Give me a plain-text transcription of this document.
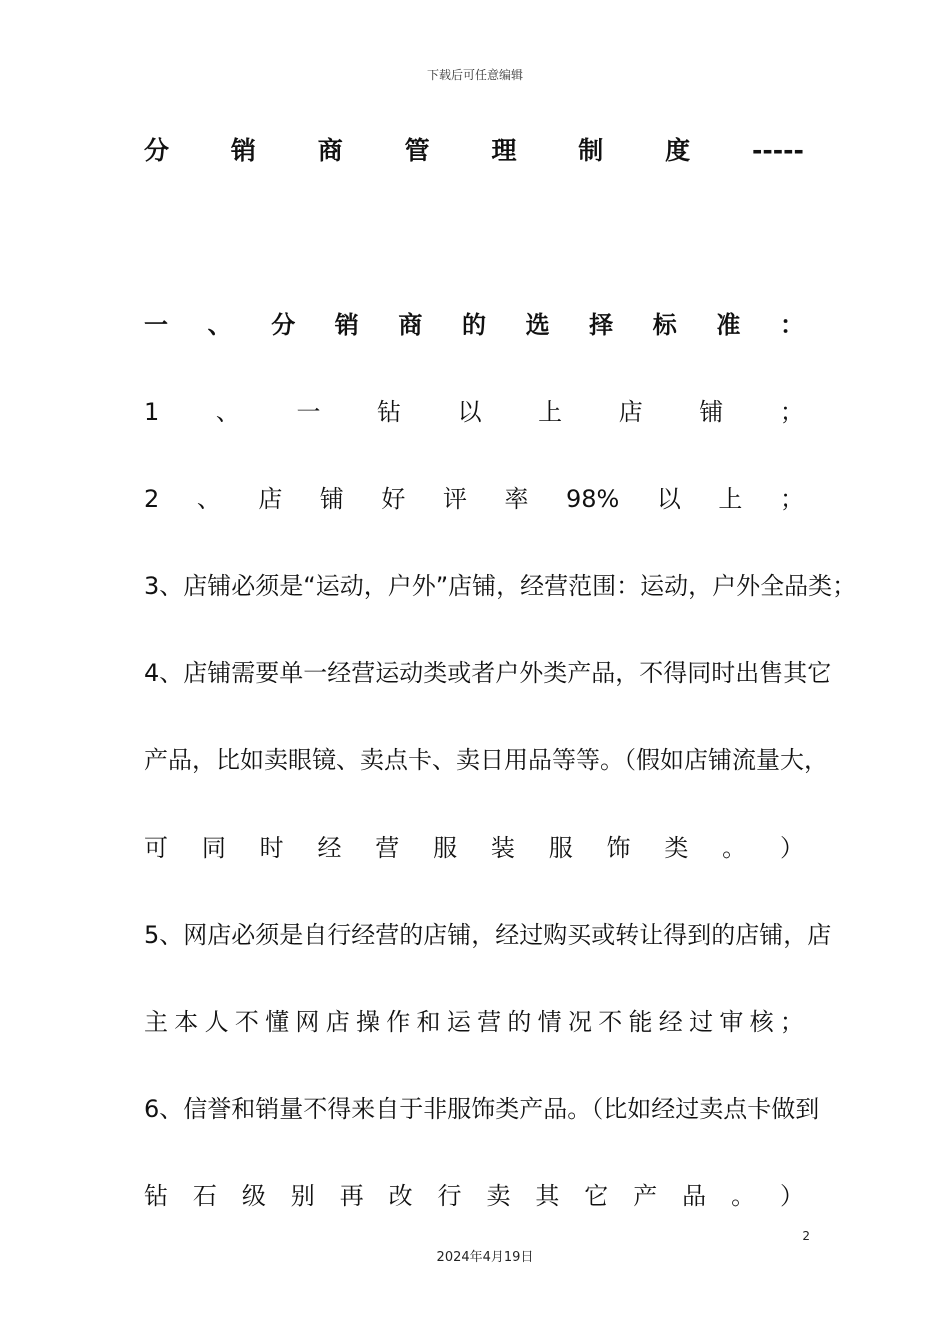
下载后可任意编辑
分 销 商 管 理 制 度 -----
一 、 分 销 商 的 选 择 标 准 ：
1 、 一 钻 以 上 店 铺 ；
2 、 店 铺 好 评 率 98% 以 上 ；
3、店铺必须是“运动，户外”店铺，经营范围：运动，户外全品类；
4、店铺需要单一经营运动类或者户外类产品，不得同时出售其它
产品，比如卖眼镜、卖点卡、卖日用品等等。（假如店铺流量大，
可 同 时 经 营 服 装 服 饰 类 。 ）
5、网店必须是自行经营的店铺，经过购买或转让得到的店铺，店
主 本 人 不 懂 网 店 操 作 和 运 营 的 情 况 不 能 经 过 审 核 ；
6、信誉和销量不得来自于非服饰类产品。（比如经过卖点卡做到
钻 石 级 别 再 改 行 卖 其 它 产 品 。 ）
2
2024年4月19日
